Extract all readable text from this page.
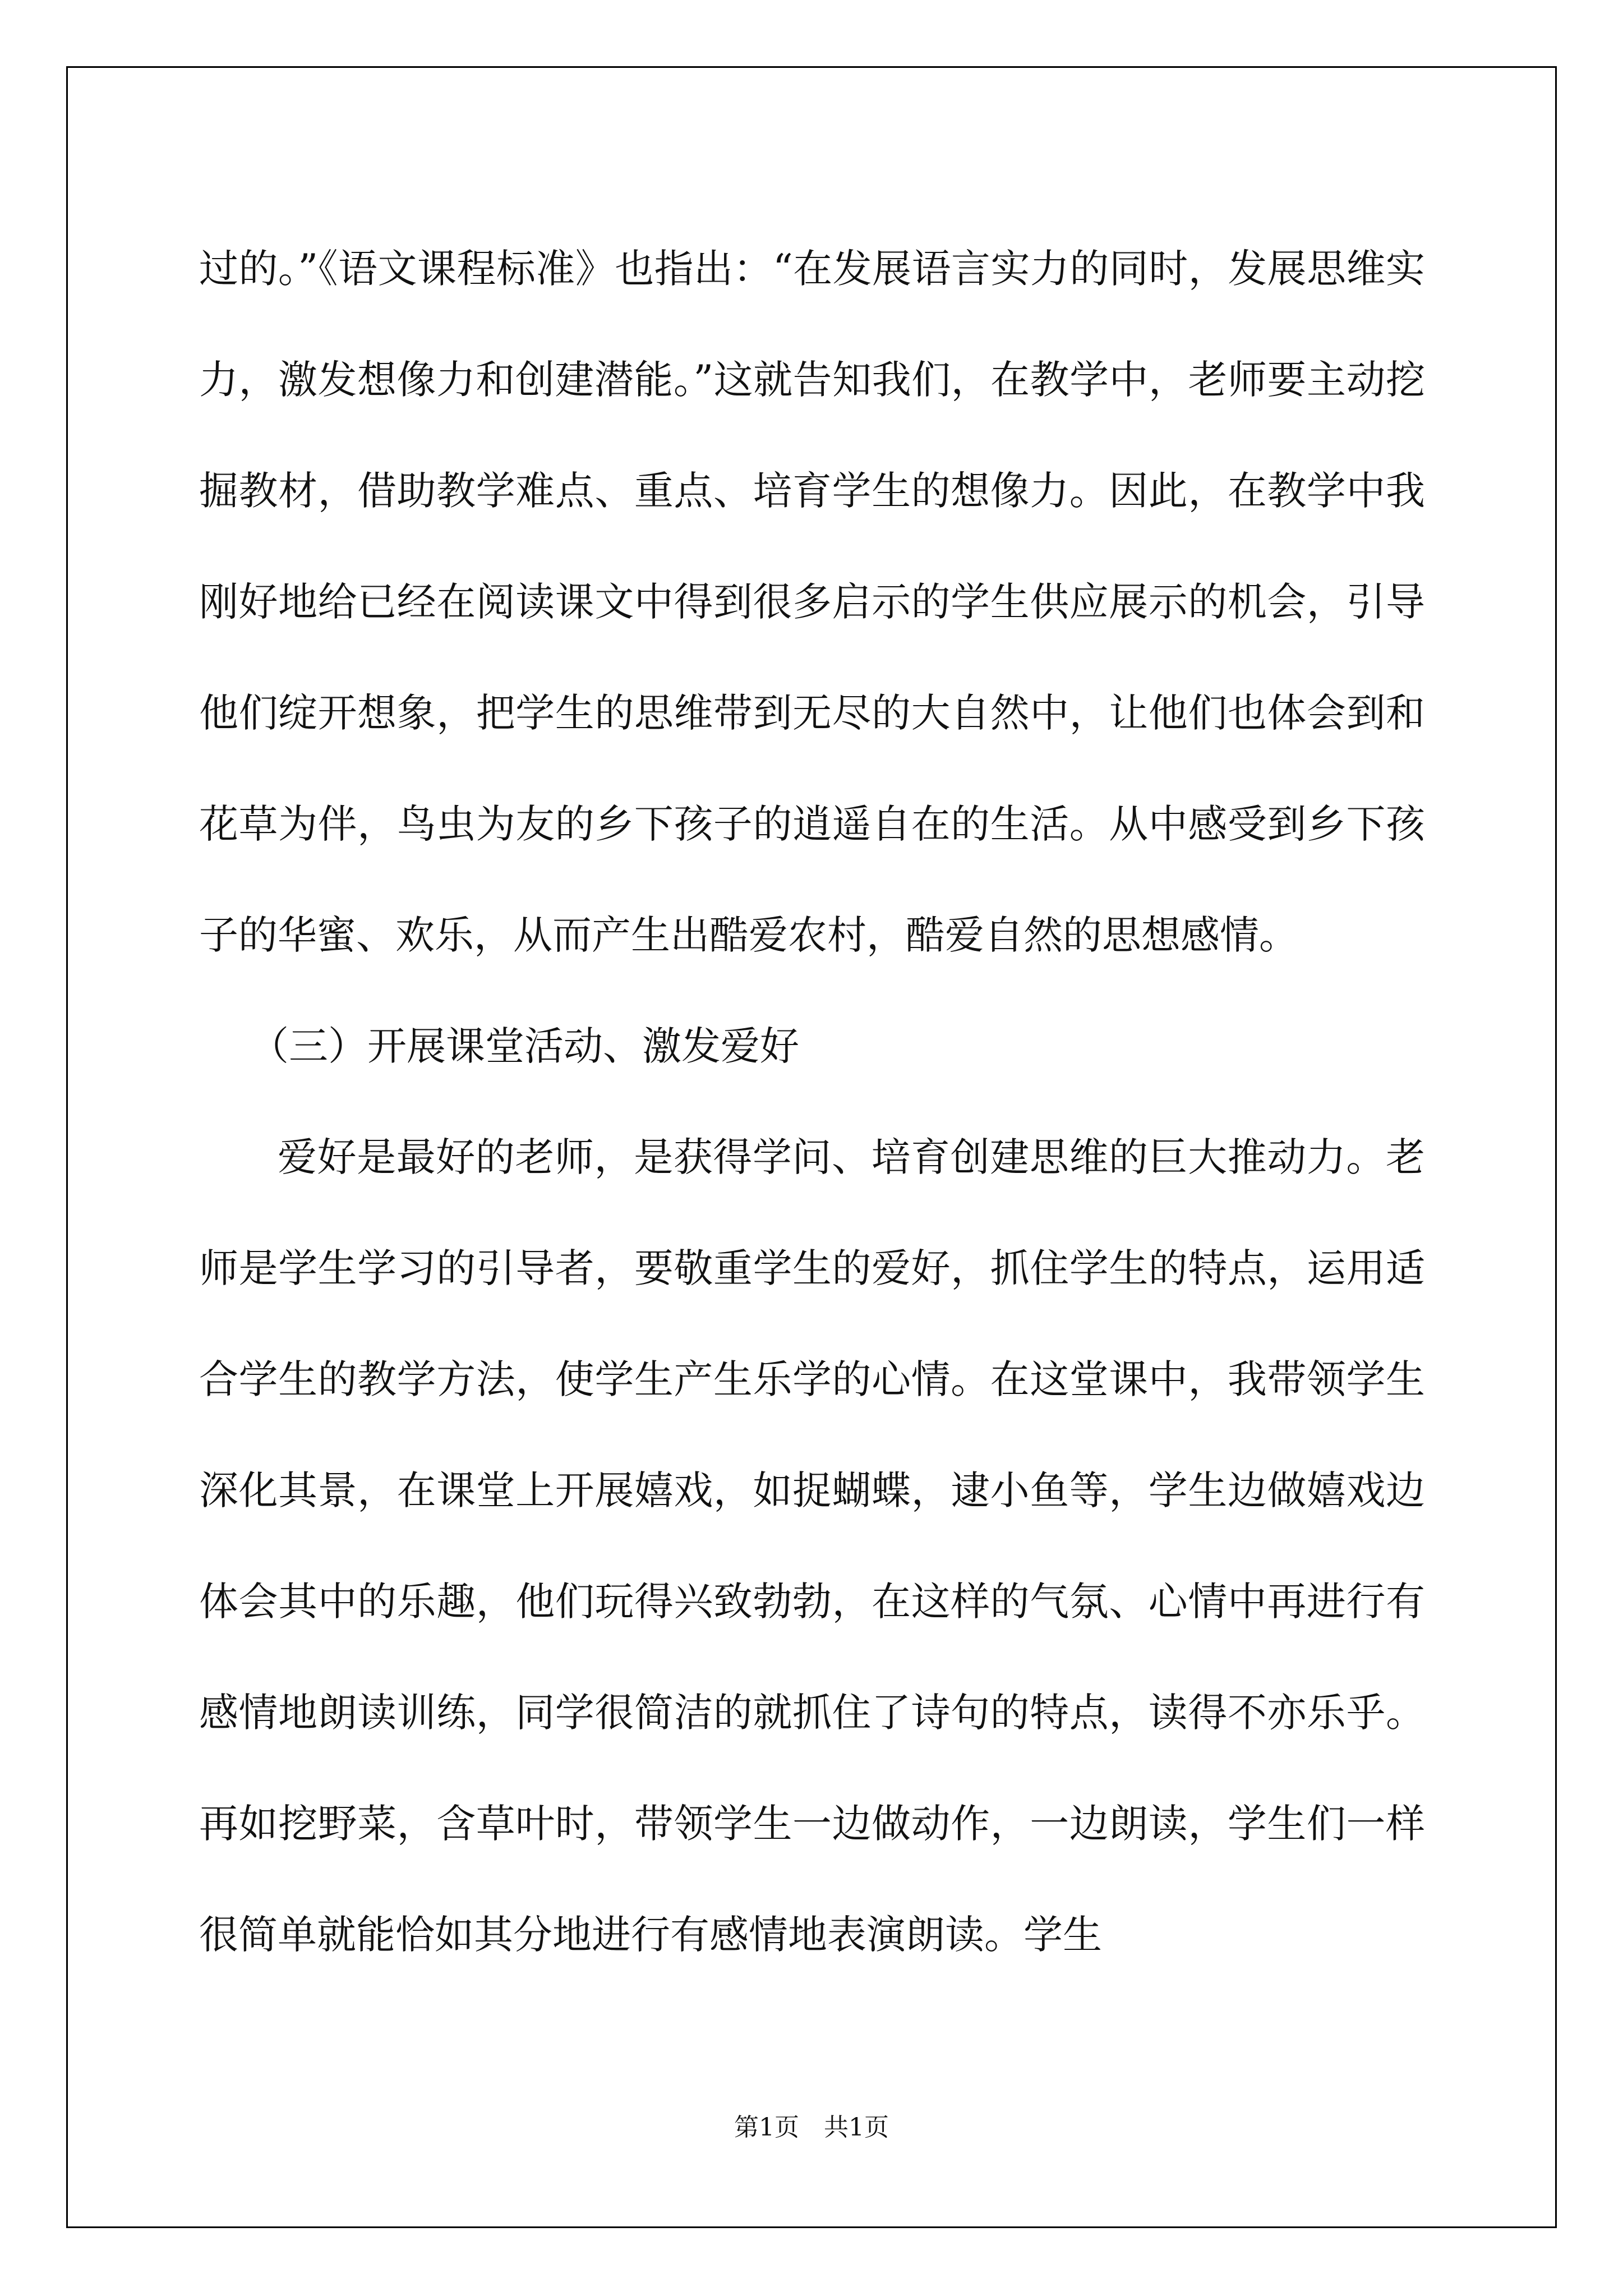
过的。”《语文课程标准》也指出：“在发展语言实力的同时，发展思维实力，激发想像力和创建潜能。”这就告知我们，在教学中，老师要主动挖掘教材，借助教学难点、重点、培育学生的想像力。因此，在教学中我刚好地给已经在阅读课文中得到很多启示的学生供应展示的机会，引导他们绽开想象，把学生的思维带到无尽的大自然中，让他们也体会到和花草为伴，鸟虫为友的乡下孩子的逍遥自在的生活。从中感受到乡下孩子的华蜜、欢乐，从而产生出酷爱农村，酷爱自然的思想感情。

（三）开展课堂活动、激发爱好

爱好是最好的老师，是获得学问、培育创建思维的巨大推动力。老师是学生学习的引导者，要敬重学生的爱好，抓住学生的特点，运用适合学生的教学方法，使学生产生乐学的心情。在这堂课中，我带领学生深化其景，在课堂上开展嬉戏，如捉蝴蝶，逮小鱼等，学生边做嬉戏边体会其中的乐趣，他们玩得兴致勃勃，在这样的气氛、心情中再进行有感情地朗读训练，同学很简洁的就抓住了诗句的特点，读得不亦乐乎。再如挖野菜，含草叶时，带领学生一边做动作，一边朗读，学生们一样很简单就能恰如其分地进行有感情地表演朗读。学生

第1页　共1页
